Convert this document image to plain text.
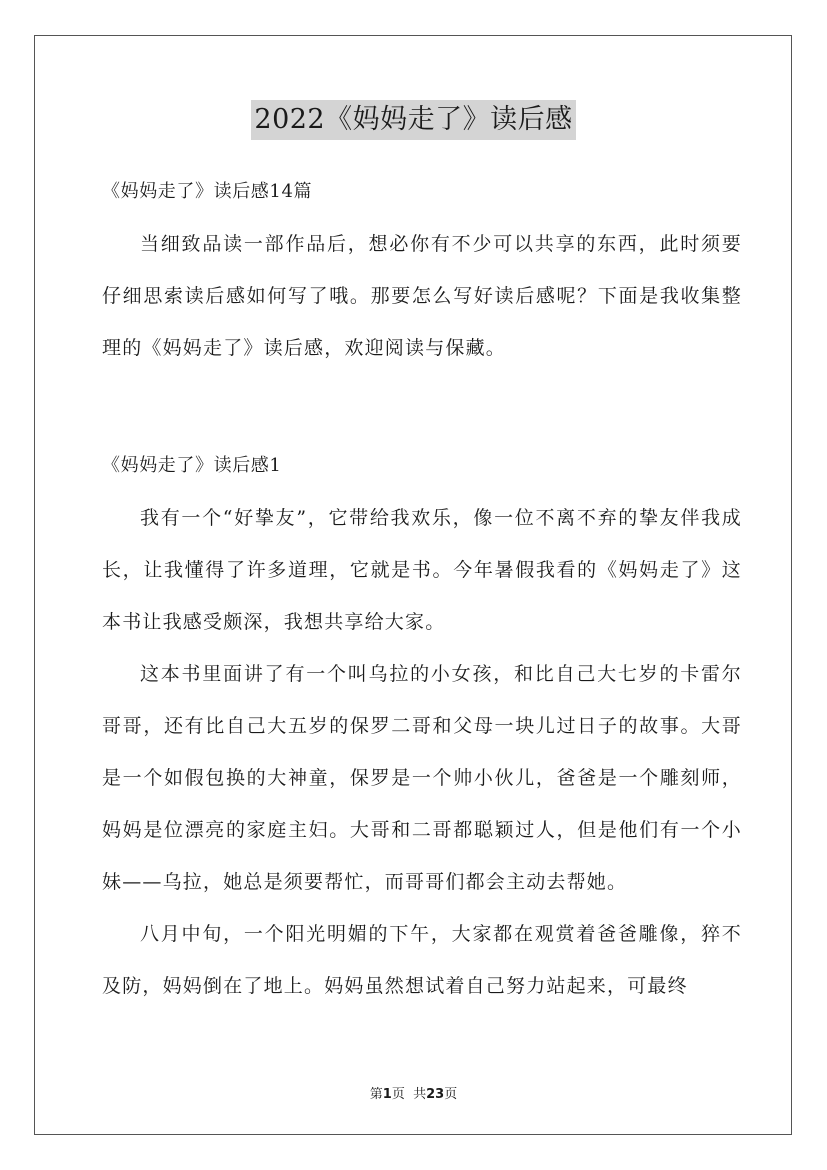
2022《妈妈走了》读后感

《妈妈走了》读后感14篇

当细致品读一部作品后，想必你有不少可以共享的东西，此时须要仔细思索读后感如何写了哦。那要怎么写好读后感呢？下面是我收集整理的《妈妈走了》读后感，欢迎阅读与保藏。

《妈妈走了》读后感1

我有一个“好挚友”，它带给我欢乐，像一位不离不弃的挚友伴我成长，让我懂得了许多道理，它就是书。今年暑假我看的《妈妈走了》这本书让我感受颇深，我想共享给大家。

这本书里面讲了有一个叫乌拉的小女孩，和比自己大七岁的卡雷尔哥哥，还有比自己大五岁的保罗二哥和父母一块儿过日子的故事。大哥是一个如假包换的大神童，保罗是一个帅小伙儿，爸爸是一个雕刻师，妈妈是位漂亮的家庭主妇。大哥和二哥都聪颖过人，但是他们有一个小妹——乌拉，她总是须要帮忙，而哥哥们都会主动去帮她。

八月中旬，一个阳光明媚的下午，大家都在观赏着爸爸雕像，猝不及防，妈妈倒在了地上。妈妈虽然想试着自己努力站起来，可最终

第1页  共23页
